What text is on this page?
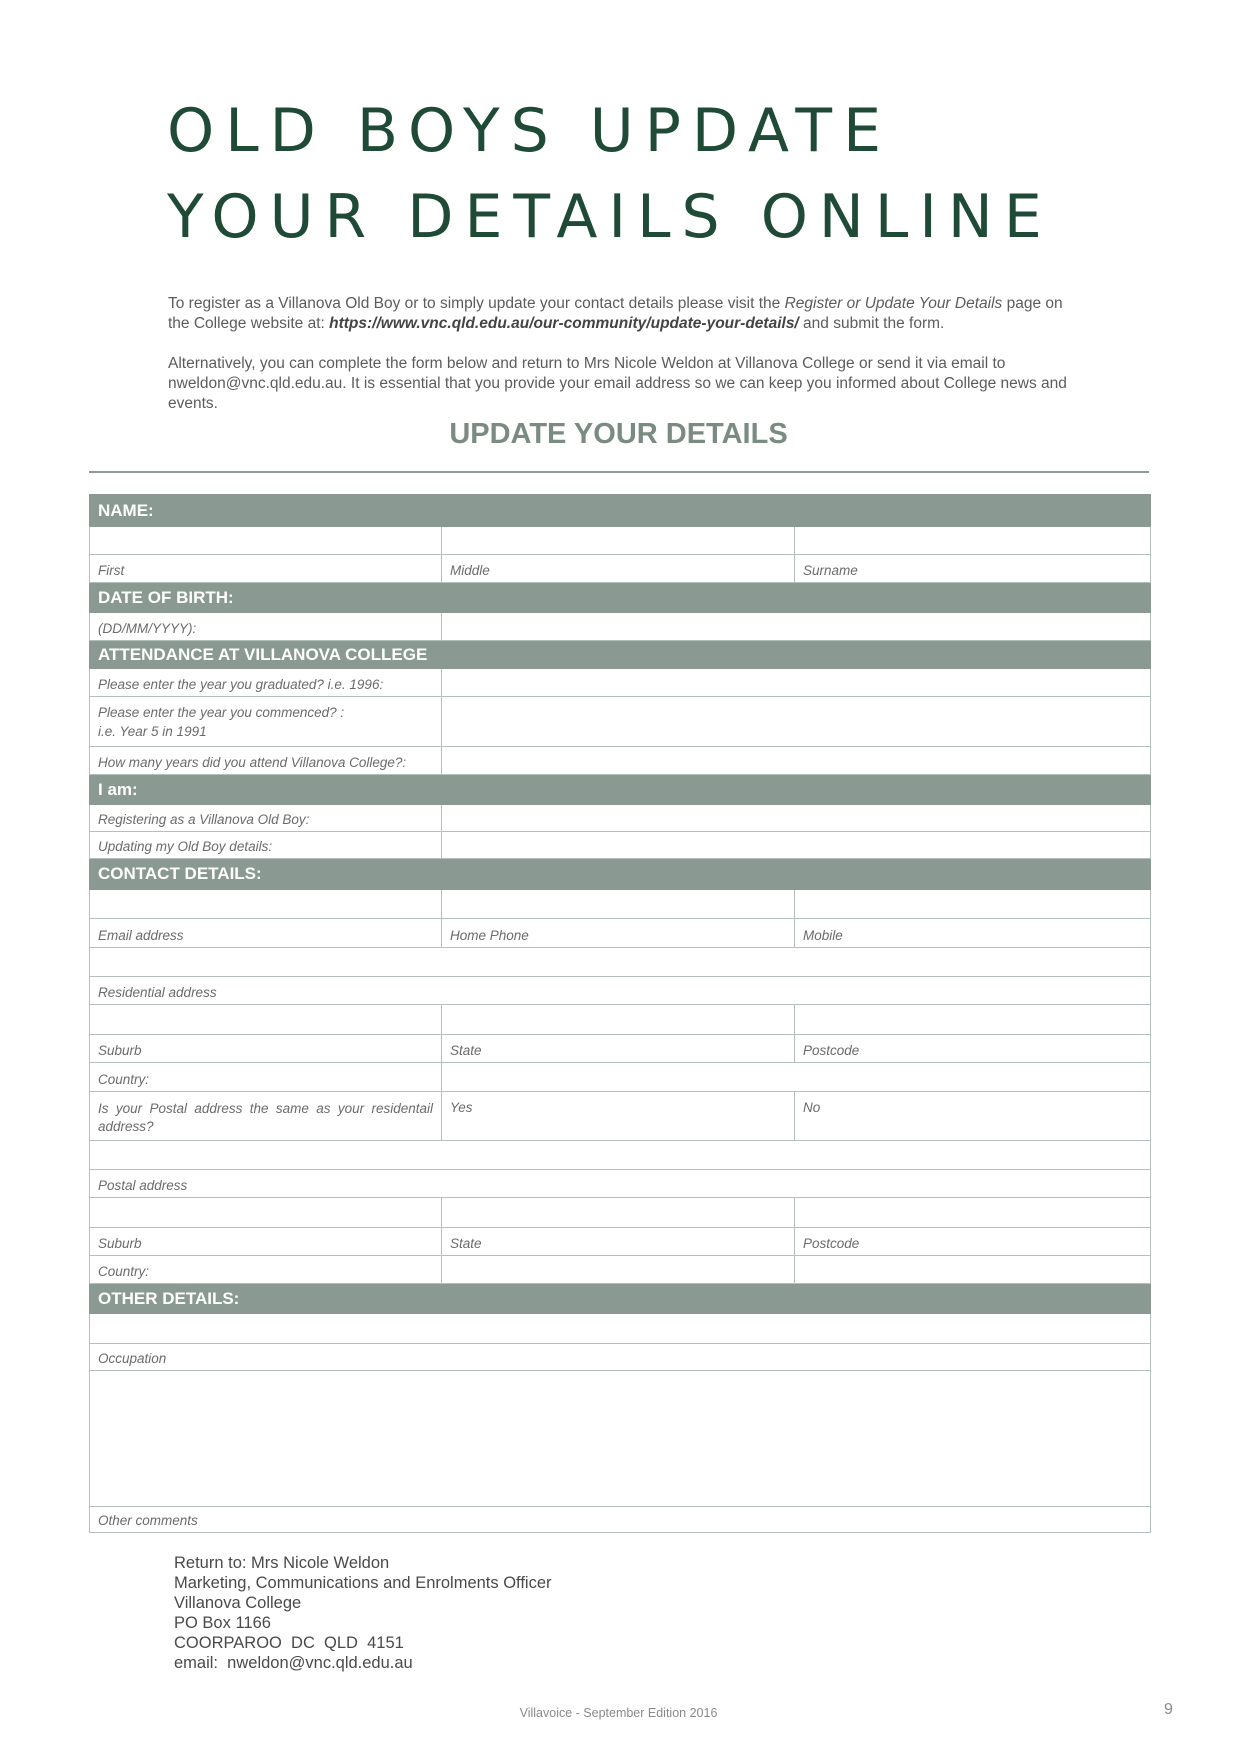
OLD BOYS UPDATE
YOUR DETAILS ONLINE

To register as a Villanova Old Boy or to simply update your contact details please visit the Register or Update Your Details page on the College website at: https://www.vnc.qld.edu.au/our-community/update-your-details/ and submit the form.

Alternatively, you can complete the form below and return to Mrs Nicole Weldon at Villanova College or send it via email to nweldon@vnc.qld.edu.au. It is essential that you provide your email address so we can keep you informed about College news and events.

UPDATE YOUR DETAILS
NAME:		

First	Middle	Surname

DATE OF BIRTH:		

(DD/MM/YYYY):		

ATTENDANCE AT VILLANOVA COLLEGE		

Please enter the year you graduated? i.e. 1996:		

Please enter the year you commenced? :
i.e. Year 5 in 1991		

How many years did you attend Villanova College?:		

I am:		

Registering as a Villanova Old Boy:		

Updating my Old Boy details:		

CONTACT DETAILS:		

Email address	Home Phone	Mobile

Residential address		

Suburb	State	Postcode

Country:		

Is your Postal address the same as your residentail address?	Yes	No

Postal address		

Suburb	State	Postcode

Country:		

OTHER DETAILS:		

Occupation		

Other comments		
Return to: Mrs Nicole Weldon
Marketing, Communications and Enrolments Officer
Villanova College
PO Box 1166
COORPAROO  DC  QLD  4151
email:  nweldon@vnc.qld.edu.au
Villavoice - September Edition 2016	9
